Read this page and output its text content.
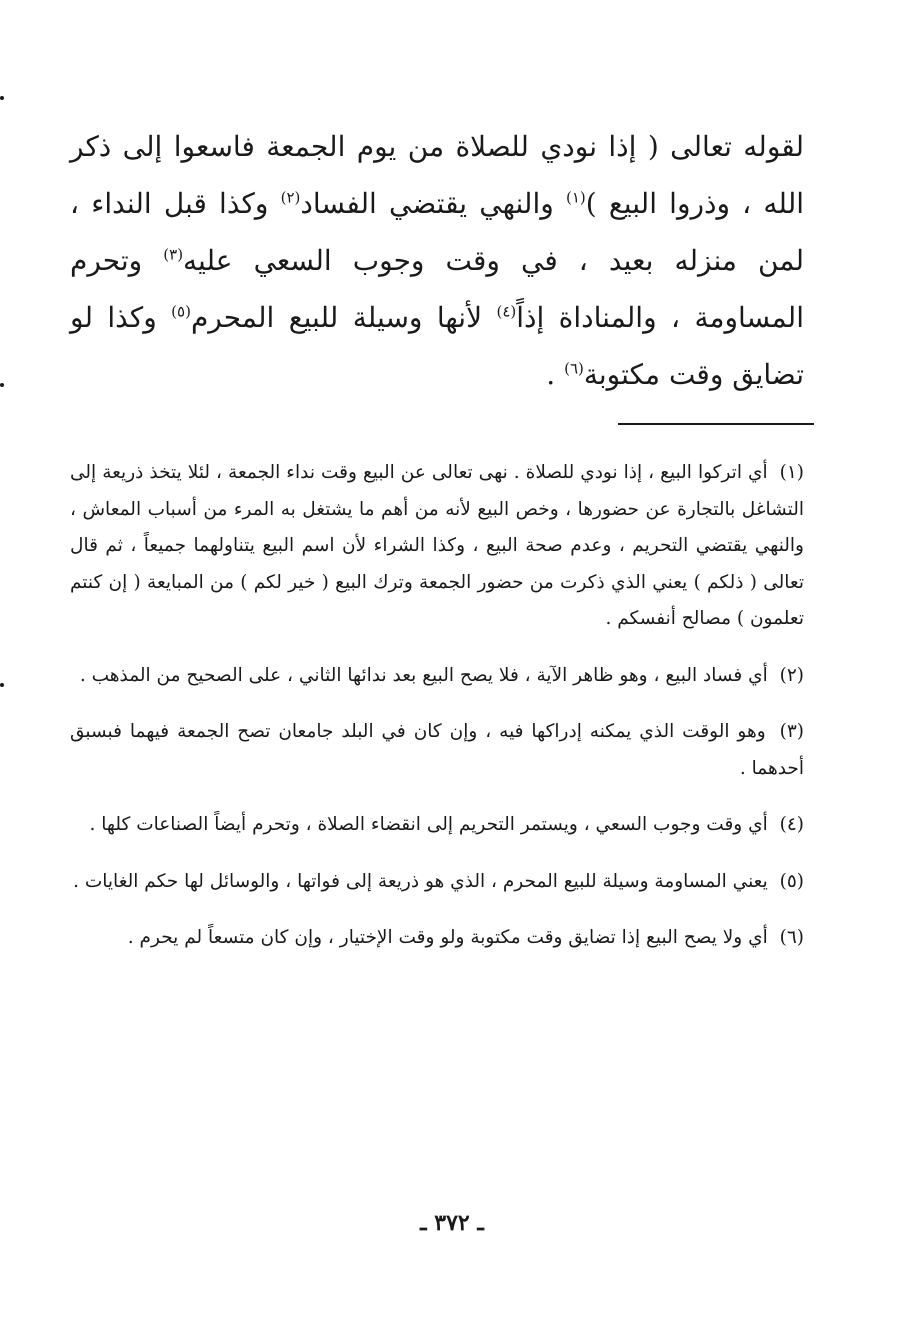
لقوله تعالى ( إذا نودي للصلاة من يوم الجمعة فاسعوا إلى ذكر الله ، وذروا البيع )$^{(١)}$ والنهي يقتضي الفساد$^{(٢)}$ وكذا قبل النداء ، لمن منزله بعيد ، في وقت وجوب السعي عليه$^{(٣)}$ وتحرم المساومة ، والمناداة إذاً$^{(٤)}$ لأنها وسيلة للبيع المحرم$^{(٥)}$ وكذا لو تضايق وقت مكتوبة$^{(٦)}$ .

(١) أي اتركوا البيع ، إذا نودي للصلاة . نهى تعالى عن البيع وقت نداء الجمعة ، لئلا يتخذ ذريعة إلى التشاغل بالتجارة عن حضورها ، وخص البيع لأنه من أهم ما يشتغل به المرء من أسباب المعاش ، والنهي يقتضي التحريم ، وعدم صحة البيع ، وكذا الشراء لأن اسم البيع يتناولهما جميعاً ، ثم قال تعالى ( ذلكم ) يعني الذي ذكرت من حضور الجمعة وترك البيع ( خير لكم ) من المبايعة ( إن كنتم تعلمون ) مصالح أنفسكم .

(٢) أي فساد البيع ، وهو ظاهر الآية ، فلا يصح البيع بعد ندائها الثاني ، على الصحيح من المذهب .

(٣) وهو الوقت الذي يمكنه إدراكها فيه ، وإن كان في البلد جامعان تصح الجمعة فيهما فبسبق أحدهما .

(٤) أي وقت وجوب السعي ، ويستمر التحريم إلى انقضاء الصلاة ، وتحرم أيضاً الصناعات كلها .

(٥) يعني المساومة وسيلة للبيع المحرم ، الذي هو ذريعة إلى فواتها ، والوسائل لها حكم الغايات .

(٦) أي ولا يصح البيع إذا تضايق وقت مكتوبة ولو وقت الإختيار ، وإن كان متسعاً لم يحرم .

ـ ٣٧٢ ـ
